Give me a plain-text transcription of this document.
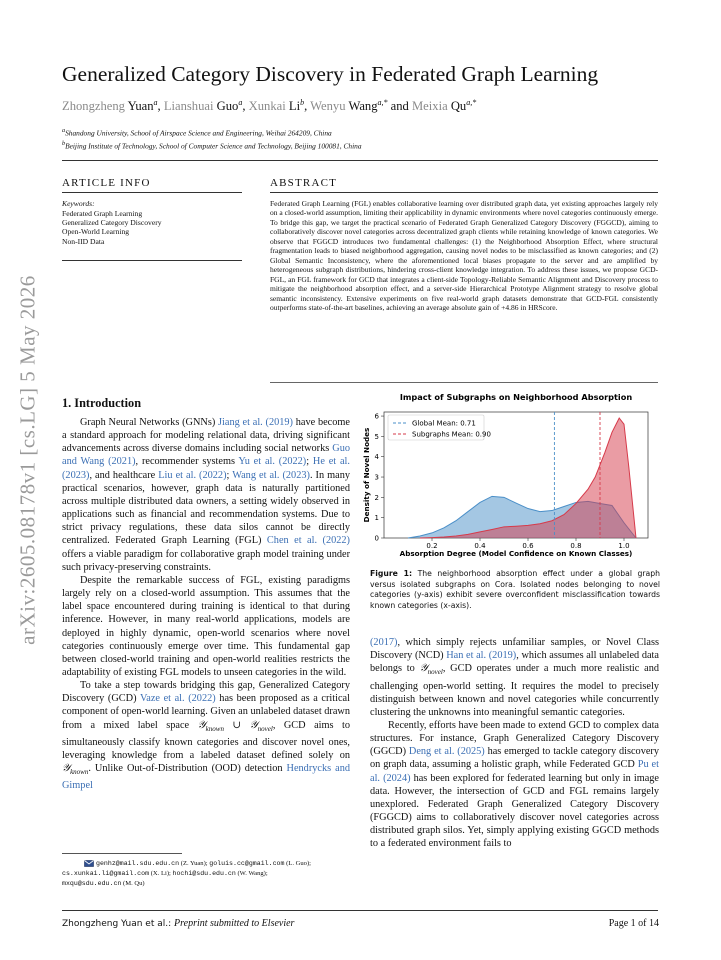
arXiv:2605.08178v1 [cs.LG] 5 May 2026
Generalized Category Discovery in Federated Graph Learning
Zhongzheng Yuan$^a$, Lianshuai Guo$^a$, Xunkai Li$^b$, Wenyu Wang$^{a,*}$ and Meixia $Qu^{a,*}$
$^a$Shandong University, School of Airspace Science and Engineering, Weihai 264209, China
$^b$Beijing Institute of Technology, School of Computer Science and Technology, Beijing 100081, China
ARTICLE INFO
Keywords:
Federated Graph Learning
Generalized Category Discovery
Open-World Learning
Non-IID Data
ABSTRACT
Federated Graph Learning (FGL) enables collaborative learning over distributed graph data, yet existing approaches largely rely on a closed-world assumption, limiting their applicability in dynamic environments where novel categories continuously emerge. To bridge this gap, we target the practical scenario of Federated Graph Generalized Category Discovery (FGGCD), aiming to collaboratively discover novel categories across decentralized graph clients while retaining knowledge of known categories. We observe that FGGCD introduces two fundamental challenges: (1) the Neighborhood Absorption Effect, where structural fragmentation leads to biased neighborhood aggregation, causing novel nodes to be misclassified as known categories; and (2) Global Semantic Inconsistency, where the aforementioned local biases propagate to the server and are amplified by heterogeneous subgraph distributions, hindering cross-client knowledge integration. To address these issues, we propose GCD-FGL, an FGL framework for GCD that integrates a client-side Topology-Reliable Semantic Alignment and Discovery process to mitigate the neighborhood absorption effect, and a server-side Hierarchical Prototype Alignment strategy to resolve global semantic inconsistency. Extensive experiments on five real-world graph datasets demonstrate that GCD-FGL consistently outperforms state-of-the-art baselines, achieving an average absolute gain of +4.86 in HRScore.
1. Introduction

Graph Neural Networks (GNNs) Jiang et al. (2019) have become a standard approach for modeling relational data, driving significant advancements across diverse domains including social networks Guo and Wang (2021), recommender systems Yu et al. (2022); He et al. (2023), and healthcare Liu et al. (2022); Wang et al. (2023). In many practical scenarios, however, graph data is naturally partitioned across multiple distributed data owners, a setting widely observed in applications such as financial and recommendation systems. Due to strict privacy regulations, these data silos cannot be directly centralized. Federated Graph Learning (FGL) Chen et al. (2022) offers a viable paradigm for collaborative graph model training under such privacy-preserving constraints.

Despite the remarkable success of FGL, existing paradigms largely rely on a closed-world assumption. This assumes that the label space encountered during training is identical to that during inference. However, in many real-world applications, models are deployed in highly dynamic, open-world scenarios where novel categories continuously emerge over time. This fundamental gap between closed-world training and open-world realities restricts the adaptability of existing FGL models to unseen categories in the wild.

To take a step towards bridging this gap, Generalized Category Discovery (GCD) Vaze et al. (2022) has been proposed as a critical component of open-world learning. Given an unlabeled dataset drawn from a mixed label space 𝒴$_{known}$ ∪ 𝒴$_{novel}$, GCD aims to simultaneously classify known categories and discover novel ones, leveraging knowledge from a labeled dataset defined solely on 𝒴$_{known}$. Unlike Out-of-Distribution (OOD) detection Hendrycks and Gimpel

(2017), which simply rejects unfamiliar samples, or Novel Class Discovery (NCD) Han et al. (2019), which assumes all unlabeled data belongs to 𝒴$_{novel}$, GCD operates under a much more realistic and challenging open-world setting. It requires the model to precisely distinguish between known and novel categories while concurrently clustering the unknowns into meaningful semantic categories.

Recently, efforts have been made to extend GCD to complex data structures. For instance, Graph Generalized Category Discovery (GGCD) Deng et al. (2025) has emerged to tackle category discovery on graph data, assuming a holistic graph, while Federated GCD Pu et al. (2024) has been explored for federated learning but only in image data. However, the intersection of GCD and FGL remains largely unexplored. Federated Graph Generalized Category Discovery (FGGCD) aims to collaboratively discover novel categories across distributed graph silos. Yet, simply applying existing GGCD methods to a federated environment fails to

Impact of Subgraphs on Neighborhood Absorption
0.2	0.4	0.6	0.8	1.0
0
1
2
3
4
5
6
Absorption Degree (Model Confidence on Known Classes)
Density of Novel Nodes
Global Mean: 0.71
Subgraphs Mean: 0.90
Figure 1: The neighborhood absorption effect under a global graph versus isolated subgraphs on Cora. Isolated nodes belonging to novel categories (y-axis) exhibit severe overconfident misclassification towards known categories (x-axis).
genhz@mail.sdu.edu.cn (Z. Yuan); goluis.cc@gmail.com (L. Guo);
cs.xunkai.li@gmail.com (X. Li); hochi@sdu.edu.cn (W. Wang);
mxqu@sdu.edu.cn (M. Qu)
Zhongzheng Yuan et al.: Preprint submitted to Elsevier	Page 1 of 14
